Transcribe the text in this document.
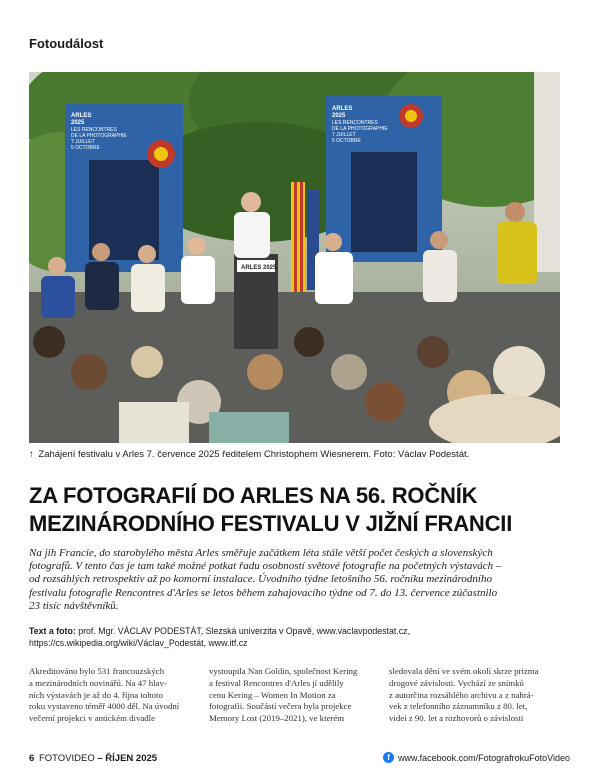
Fotoudálost
ARLES
2025
LES RENCONTRES
DE LA PHOTOGRAPHIE
7 JUILLET
5 OCTOBRE
ARLES
2025
LES RENCONTRES
DE LA PHOTOGRAPHIE
7 JUILLET
5 OCTOBRE
ARLES 2025
↑ Zahájení festivalu v Arles 7. července 2025 ředitelem Christophem Wiesnerem. Foto: Václav Podestát.
ZA FOTOGRAFIÍ DO ARLES NA 56. ROČNÍK
MEZINÁRODNÍHO FESTIVALU V JIŽNÍ FRANCII
Na jih Francie, do starobylého města Arles směřuje začátkem léta stále větší počet českých a slovenských
fotografů. V tento čas je tam také možné potkat řadu osobností světové fotografie na početných výstavách –
od rozsáhlých retrospektiv až po komorní instalace. Úvodního týdne letošního 56. ročníku mezinárodního
festivalu fotografie Rencontres d'Arles se letos během zahajovacího týdne od 7. do 13. července zúčastnilo
23 tisíc návštěvníků.
Text a foto: prof. Mgr. VÁCLAV PODESTÁT, Slezská univerzita v Opavě, www.vaclavpodestat.cz,
https://cs.wikipedia.org/wiki/Václav_Podestát, www.itf.cz
Akreditováno bylo 531 francouzských
a mezinárodních novinářů. Na 47 hlav-
ních výstavách je až do 4. října tohoto
roku vystaveno téměř 4000 děl. Na úvodní
večerní projekci v antickém divadle
vystoupila Nan Goldin, společnost Kering
a festival Rencontres d'Arles jí udělily
cenu Kering – Women In Motion za
fotografii. Součástí večera byla projekce
Memory Lost (2019–2021), ve kterém
sledovala dění ve svém okolí skrze prizma
drogové závislosti. Vychází ze snímků
z autorčina rozsáhlého archivu a z nahrá-
vek z telefonního záznamníku z 80. let,
videí z 90. let a rozhovorů o závislosti
6 FOTOVIDEO – ŘÍJEN 2025	f www.facebook.com/FotografrokuFotoVideo
